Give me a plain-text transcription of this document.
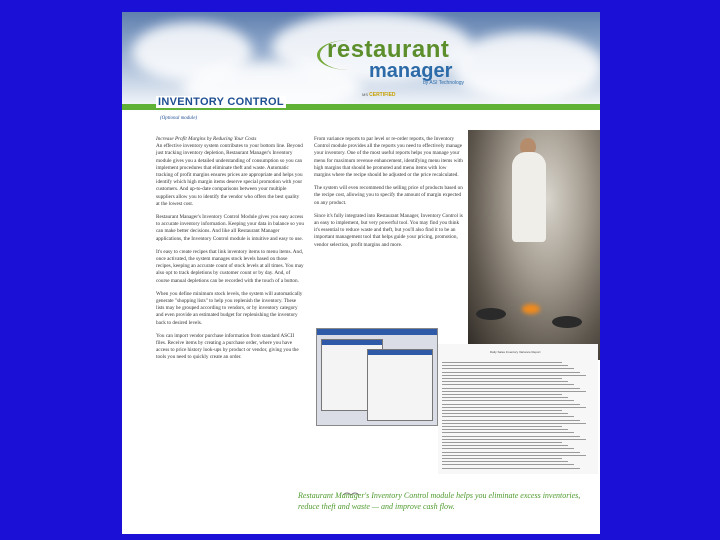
restaurant
manager
by ASI Technology
MS CERTIFIED
INVENTORY CONTROL
(Optional module)

Increase Profit Margins by Reducing Your Costs
An effective inventory system contributes to your bottom line. Beyond just tracking inventory depletion, Restaurant Manager's Inventory module gives you a detailed understanding of consumption so you can implement procedures that eliminate theft and waste. Automatic tracking of profit margins ensures prices are appropriate and helps you identify which high margin items deserve special promotion with your customers. And up-to-date comparisons between your multiple suppliers allow you to identify the vendor who offers the best quality at the lowest cost.

Restaurant Manager's Inventory Control Module gives you easy access to accurate inventory information. Keeping your data in balance so you can make better decisions. And like all Restaurant Manager applications, the Inventory Control module is intuitive and easy to use.

It's easy to create recipes that link inventory items to menu items. And, once activated, the system manages stock levels based on those recipes, keeping an accurate count of stock levels at all times. You may also opt to track depletions by customer count or by day. And, of course manual depletions can be recorded with the touch of a button.

When you define minimum stock levels, the system will automatically generate "shopping lists" to help you replenish the inventory. These lists may be grouped according to vendors, or by inventory category and even provide an estimated budget for replenishing the inventory back to desired levels.

You can import vendor purchase information from standard ASCII files. Receive items by creating a purchase order, where you have access to price history look-ups by product or vendor, giving you the tools you need to quickly create an order.

From variance reports to par level or re-order reports, the Inventory Control module provides all the reports you need to effectively manage your inventory. One of the most useful reports helps you manage your menu for maximum revenue enhancement, identifying menu items with high margins that should be promoted and menu items with low margins where the recipe should be adjusted or the price recalculated.

The system will even recommend the selling price of products based on the recipe cost, allowing you to specify the amount of margin expected on any product.

Since it's fully integrated into Restaurant Manager, Inventory Control is an easy to implement, but very powerful tool. You may find you think it's essential to reduce waste and theft, but you'll also find it to be an important management tool that helps guide your pricing, promotion, vendor selection, profit margins and more.

Daily Sales Inventory Variance Report
Restaurant Manager's Inventory Control module helps you eliminate excess inventories, reduce theft and waste — and improve cash flow.
